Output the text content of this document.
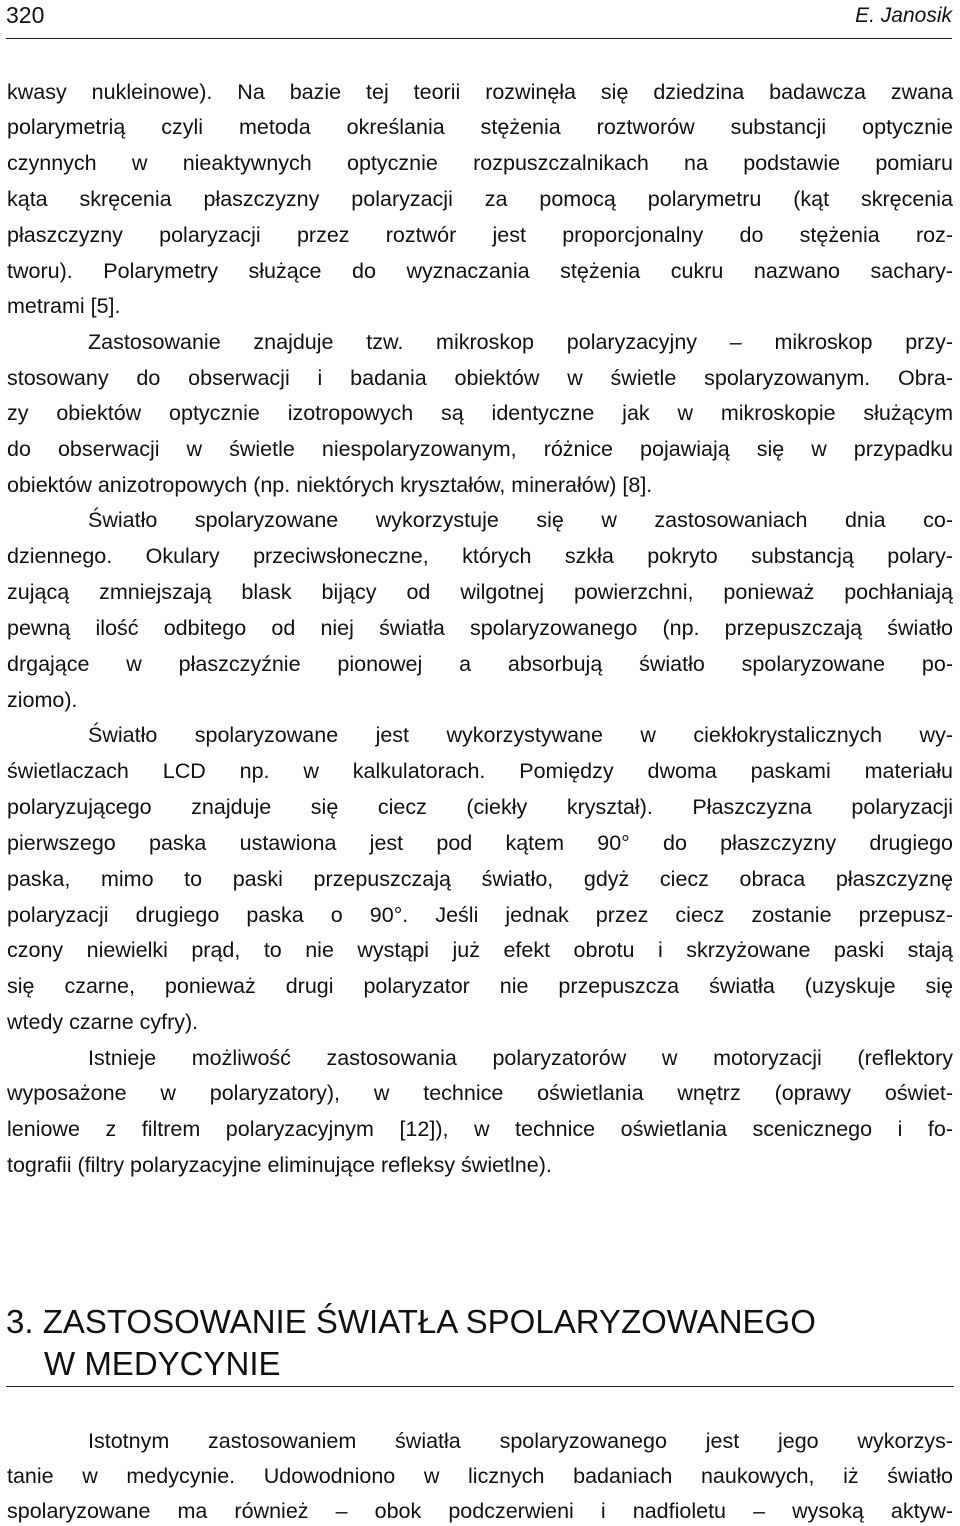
320	E. Janosik
kwasy nukleinowe). Na bazie tej teorii rozwinęła się dziedzina badawcza zwana
polarymetrią czyli metoda określania stężenia roztworów substancji optycznie
czynnych w nieaktywnych optycznie rozpuszczalnikach na podstawie pomiaru
kąta skręcenia płaszczyzny polaryzacji za pomocą polarymetru (kąt skręcenia
płaszczyzny polaryzacji przez roztwór jest proporcjonalny do stężenia roz-
tworu). Polarymetry służące do wyznaczania stężenia cukru nazwano sachary-
metrami [5].
Zastosowanie znajduje tzw. mikroskop polaryzacyjny – mikroskop przy-
stosowany do obserwacji i badania obiektów w świetle spolaryzowanym. Obra-
zy obiektów optycznie izotropowych są identyczne jak w mikroskopie służącym
do obserwacji w świetle niespolaryzowanym, różnice pojawiają się w przypadku
obiektów anizotropowych (np. niektórych kryształów, minerałów) [8].
Światło spolaryzowane wykorzystuje się w zastosowaniach dnia co-
dziennego. Okulary przeciwsłoneczne, których szkła pokryto substancją polary-
zującą zmniejszają blask bijący od wilgotnej powierzchni, ponieważ pochłaniają
pewną ilość odbitego od niej światła spolaryzowanego (np. przepuszczają światło
drgające w płaszczyźnie pionowej a absorbują światło spolaryzowane po-
ziomo).
Światło spolaryzowane jest wykorzystywane w ciekłokrystalicznych wy-
świetlaczach LCD np. w kalkulatorach. Pomiędzy dwoma paskami materiału
polaryzującego znajduje się ciecz (ciekły kryształ). Płaszczyzna polaryzacji
pierwszego paska ustawiona jest pod kątem 90° do płaszczyzny drugiego
paska, mimo to paski przepuszczają światło, gdyż ciecz obraca płaszczyznę
polaryzacji drugiego paska o 90°. Jeśli jednak przez ciecz zostanie przepusz-
czony niewielki prąd, to nie wystąpi już efekt obrotu i skrzyżowane paski stają
się czarne, ponieważ drugi polaryzator nie przepuszcza światła (uzyskuje się
wtedy czarne cyfry).
Istnieje możliwość zastosowania polaryzatorów w motoryzacji (reflektory
wyposażone w polaryzatory), w technice oświetlania wnętrz (oprawy oświet-
leniowe z filtrem polaryzacyjnym [12]), w technice oświetlania scenicznego i fo-
tografii (filtry polaryzacyjne eliminujące refleksy świetlne).
3. ZASTOSOWANIE ŚWIATŁA SPOLARYZOWANEGO
W MEDYCYNIE
Istotnym zastosowaniem światła spolaryzowanego jest jego wykorzys-
tanie w medycynie. Udowodniono w licznych badaniach naukowych, iż światło
spolaryzowane ma również – obok podczerwieni i nadfioletu – wysoką aktyw-
